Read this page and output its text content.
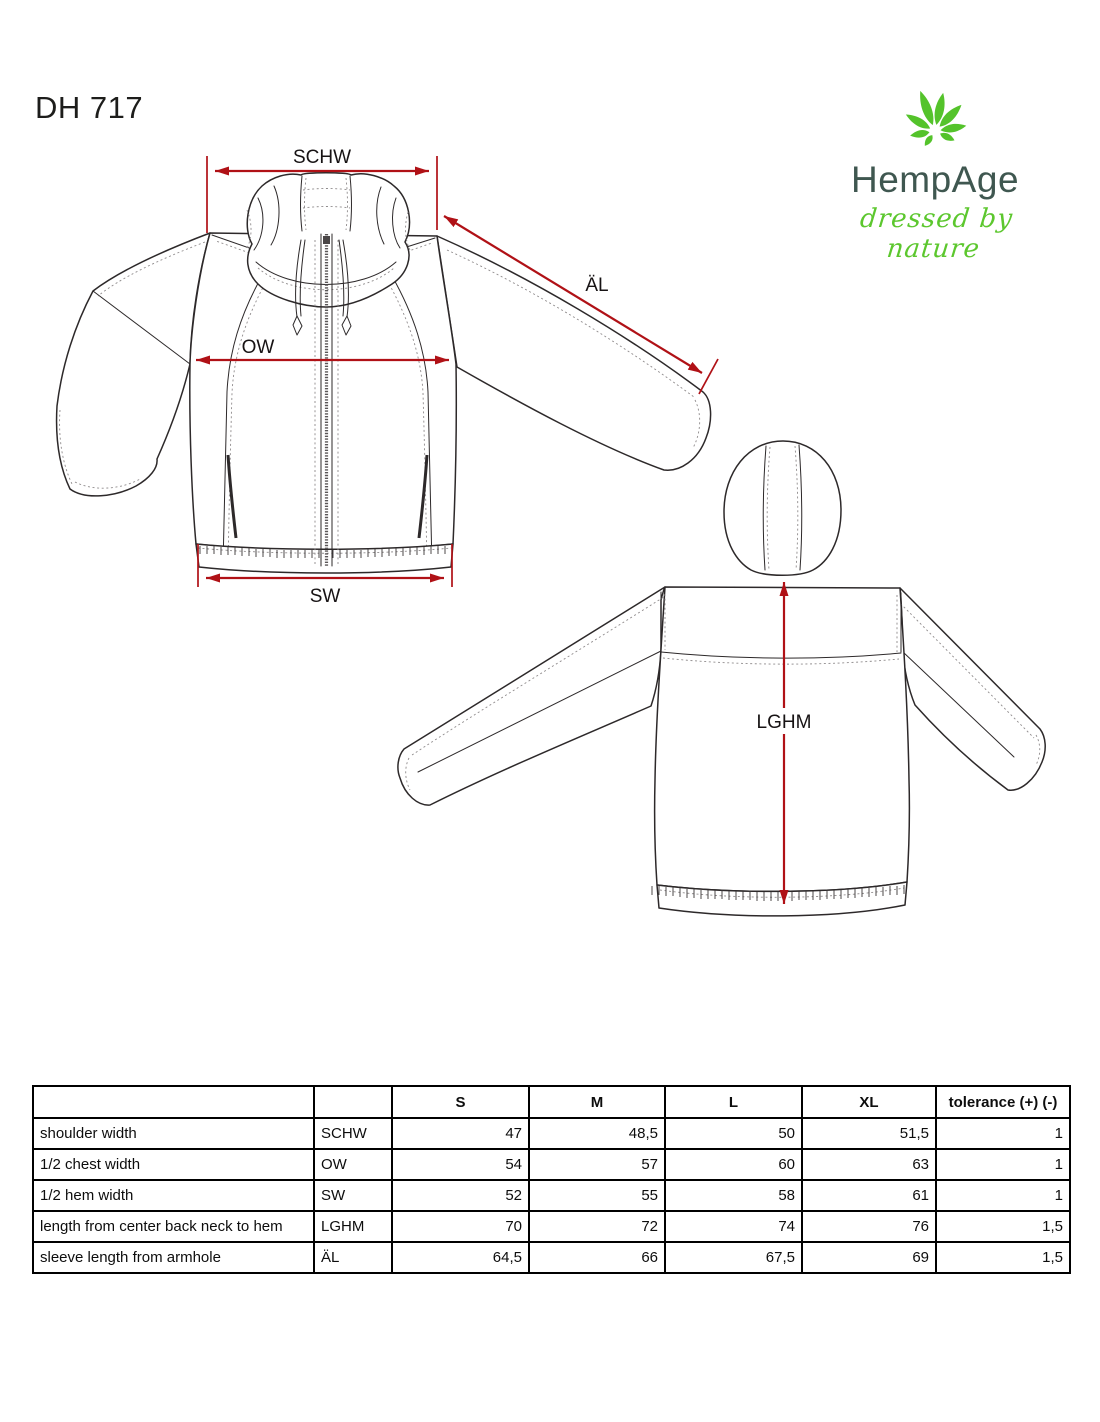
DH 717
HempAge
dressed by nature
SCHW
OW
SW
ÄL
LGHM
		S	M	L	XL	tolerance (+) (-)
shoulder width	SCHW	47	48,5	50	51,5	1
1/2 chest width	OW	54	57	60	63	1
1/2 hem width	SW	52	55	58	61	1
length from center back neck to hem	LGHM	70	72	74	76	1,5
sleeve length from armhole	ÄL	64,5	66	67,5	69	1,5
